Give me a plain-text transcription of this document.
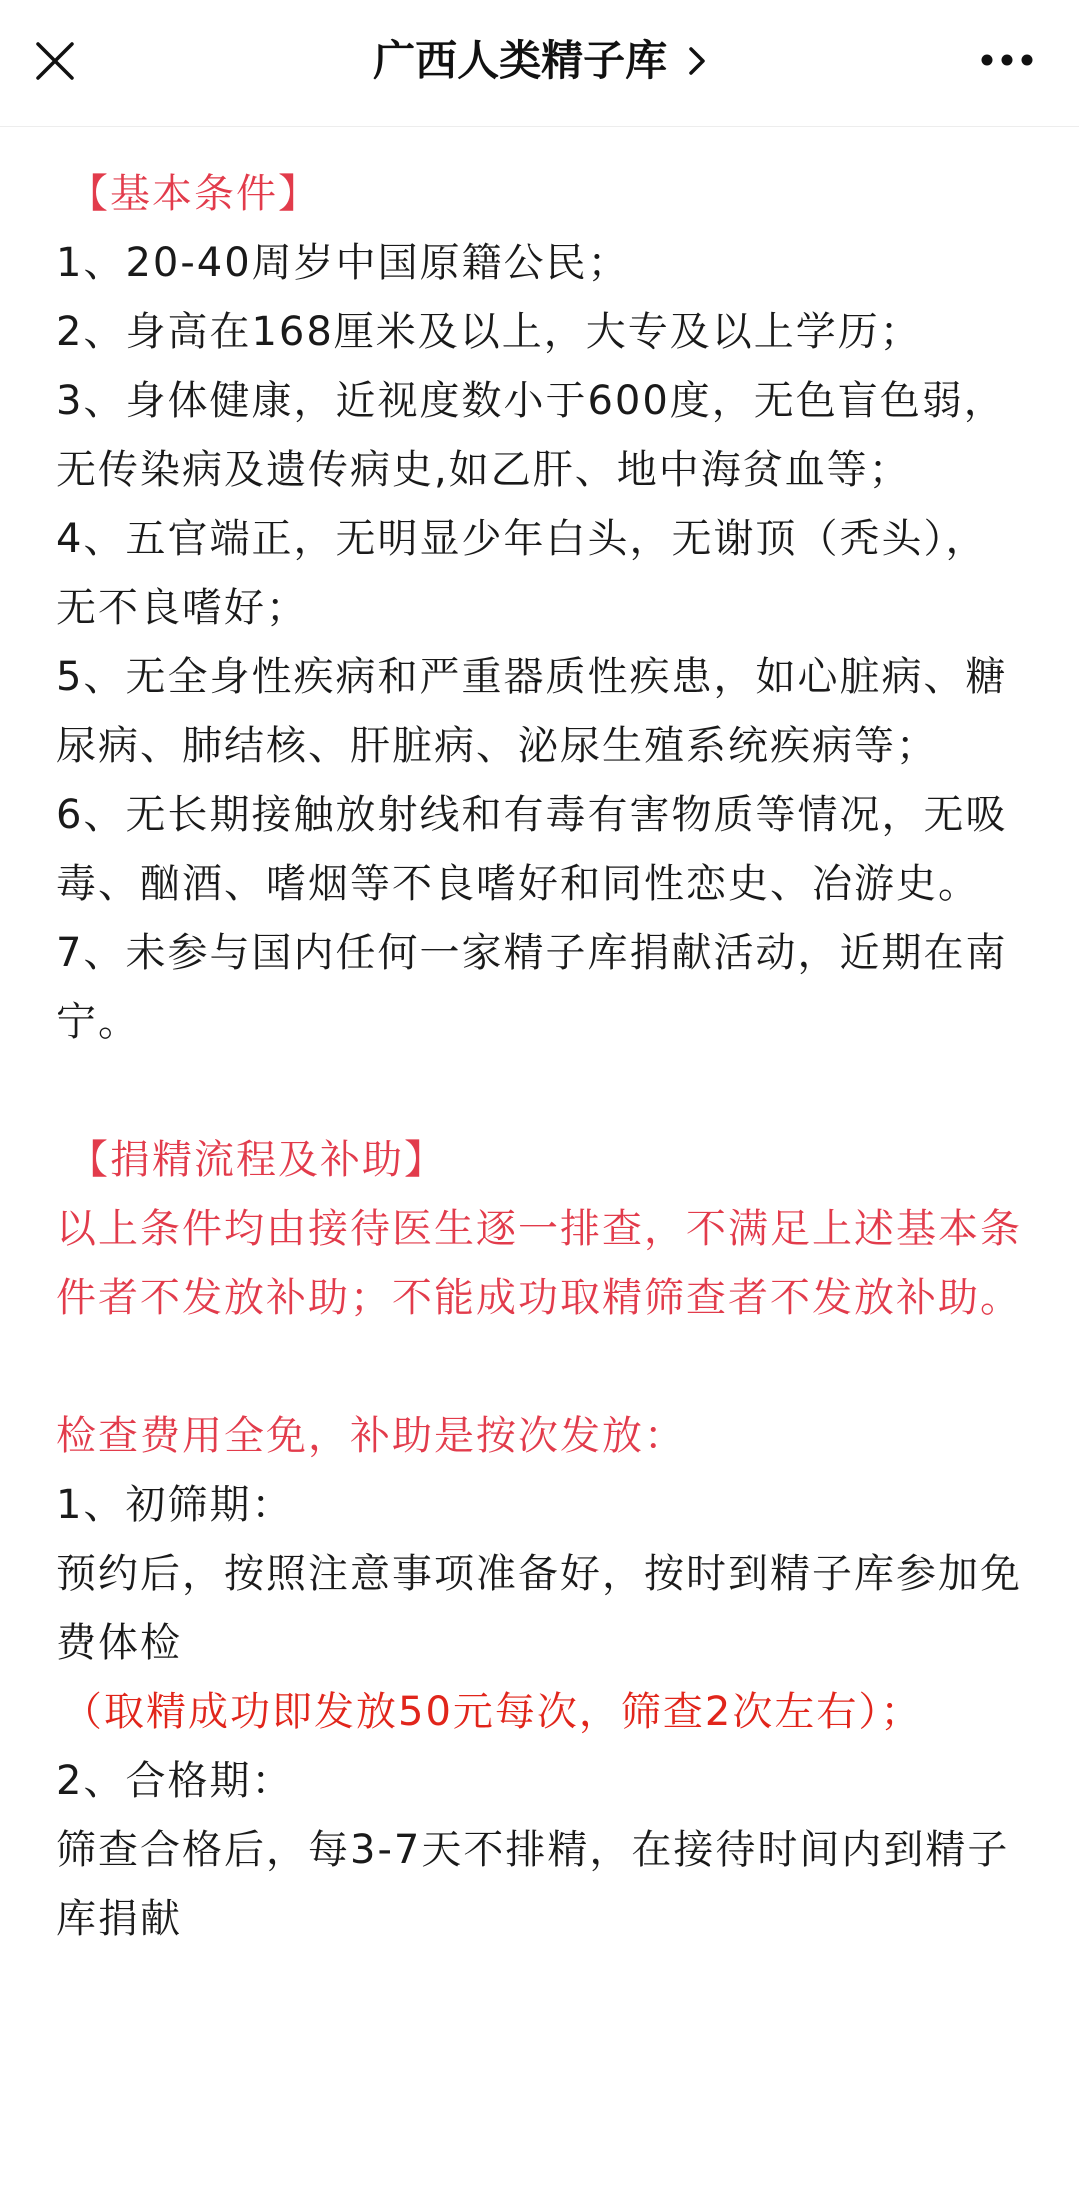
广西人类精子库

【基本条件】

1、20-40周岁中国原籍公民；

2、身高在168厘米及以上，大专及以上学历；

3、身体健康，近视度数小于600度，无色盲色弱，无传染病及遗传病史,如乙肝、地中海贫血等；

4、五官端正，无明显少年白头，无谢顶（秃头），无不良嗜好；

5、无全身性疾病和严重器质性疾患，如心脏病、糖尿病、肺结核、肝脏病、泌尿生殖系统疾病等；

6、无长期接触放射线和有毒有害物质等情况，无吸毒、酗酒、嗜烟等不良嗜好和同性恋史、冶游史。

7、未参与国内任何一家精子库捐献活动，近期在南宁。

【捐精流程及补助】

以上条件均由接待医生逐一排查，不满足上述基本条件者不发放补助；不能成功取精筛查者不发放补助。

检查费用全免，补助是按次发放：

1、初筛期：

预约后，按照注意事项准备好，按时到精子库参加免费体检

（取精成功即发放50元每次，筛查2次左右）；

2、合格期：

筛查合格后，每3-7天不排精，在接待时间内到精子库捐献
